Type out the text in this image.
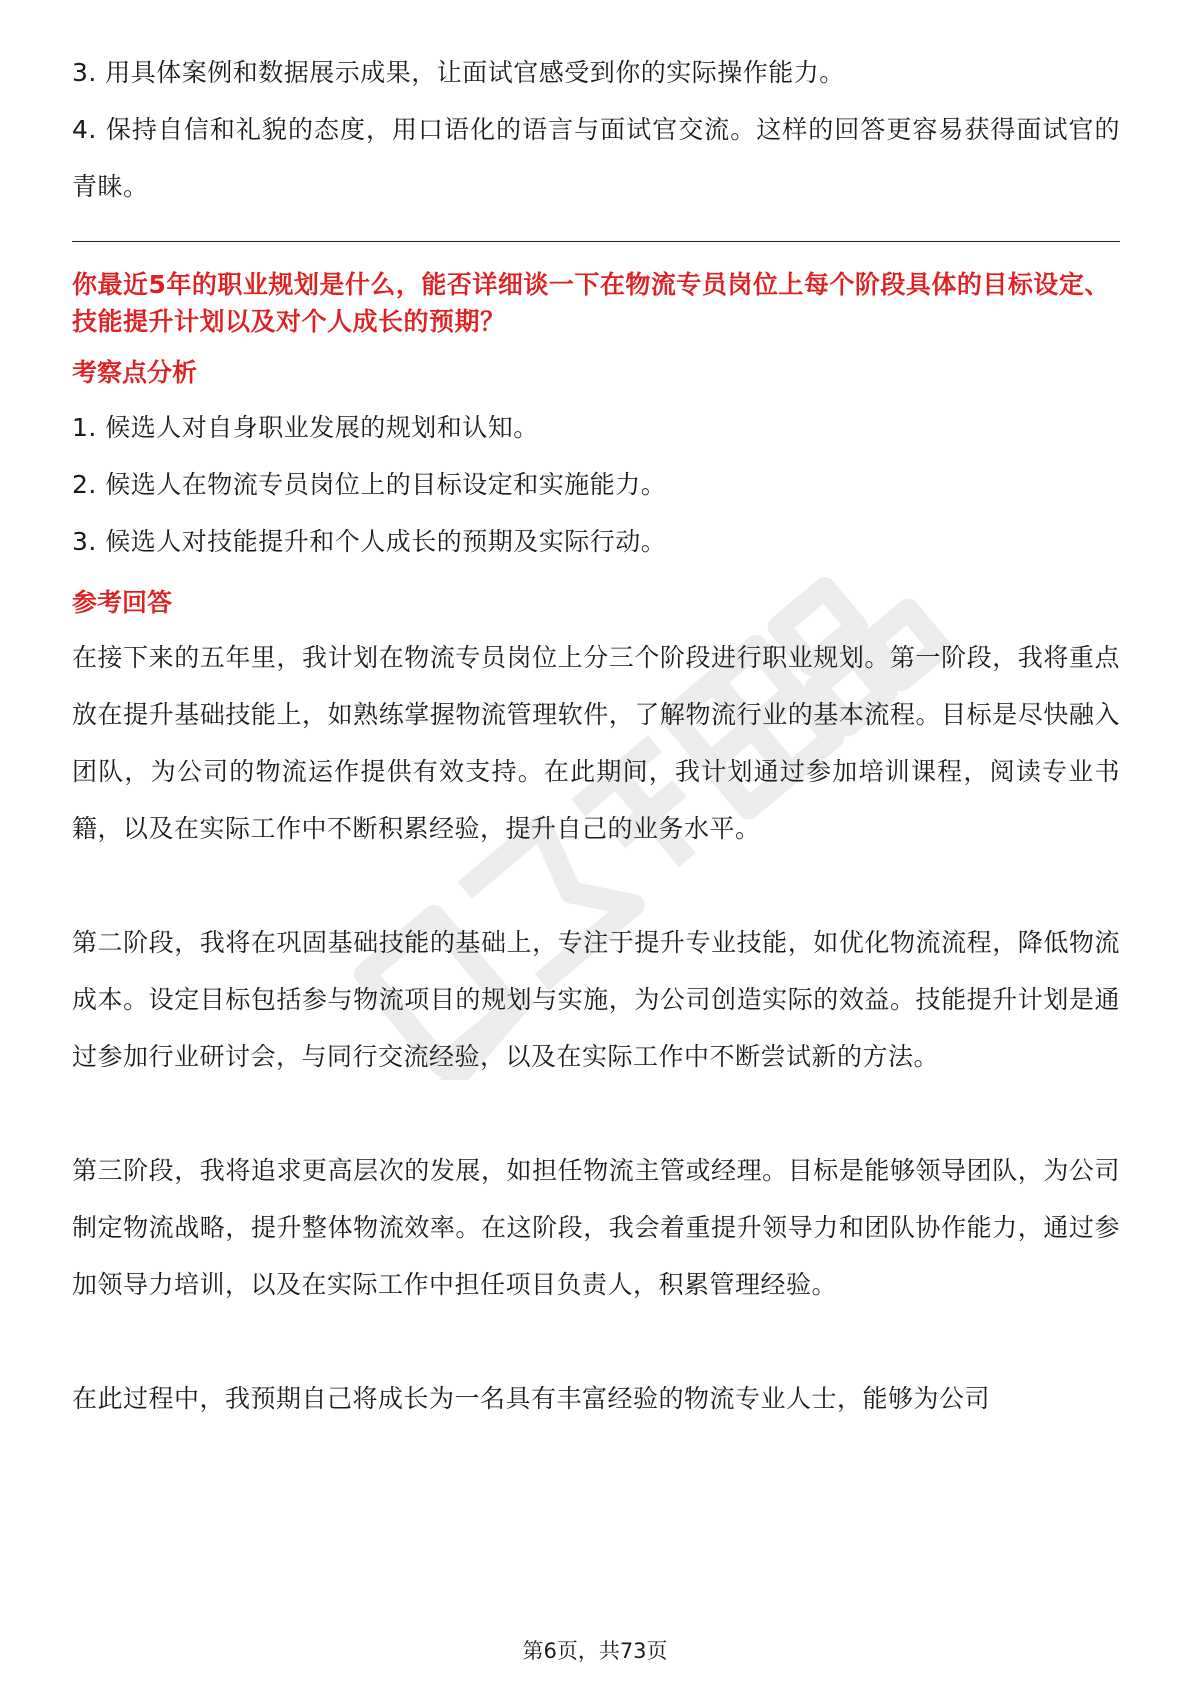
3. 用具体案例和数据展示成果，让面试官感受到你的实际操作能力。

4. 保持自信和礼貌的态度，用口语化的语言与面试官交流。这样的回答更容易获得面试官的青睐。

你最近5年的职业规划是什么，能否详细谈一下在物流专员岗位上每个阶段具体的目标设定、技能提升计划以及对个人成长的预期？

考察点分析

1. 候选人对自身职业发展的规划和认知。

2. 候选人在物流专员岗位上的目标设定和实施能力。

3. 候选人对技能提升和个人成长的预期及实际行动。

参考回答

在接下来的五年里，我计划在物流专员岗位上分三个阶段进行职业规划。第一阶段，我将重点放在提升基础技能上，如熟练掌握物流管理软件，了解物流行业的基本流程。目标是尽快融入团队，为公司的物流运作提供有效支持。在此期间，我计划通过参加培训课程，阅读专业书籍，以及在实际工作中不断积累经验，提升自己的业务水平。

第二阶段，我将在巩固基础技能的基础上，专注于提升专业技能，如优化物流流程，降低物流成本。设定目标包括参与物流项目的规划与实施，为公司创造实际的效益。技能提升计划是通过参加行业研讨会，与同行交流经验，以及在实际工作中不断尝试新的方法。

第三阶段，我将追求更高层次的发展，如担任物流主管或经理。目标是能够领导团队，为公司制定物流战略，提升整体物流效率。在这阶段，我会着重提升领导力和团队协作能力，通过参加领导力培训，以及在实际工作中担任项目负责人，积累管理经验。

在此过程中，我预期自己将成长为一名具有丰富经验的物流专业人士，能够为公司

第6页，共73页
